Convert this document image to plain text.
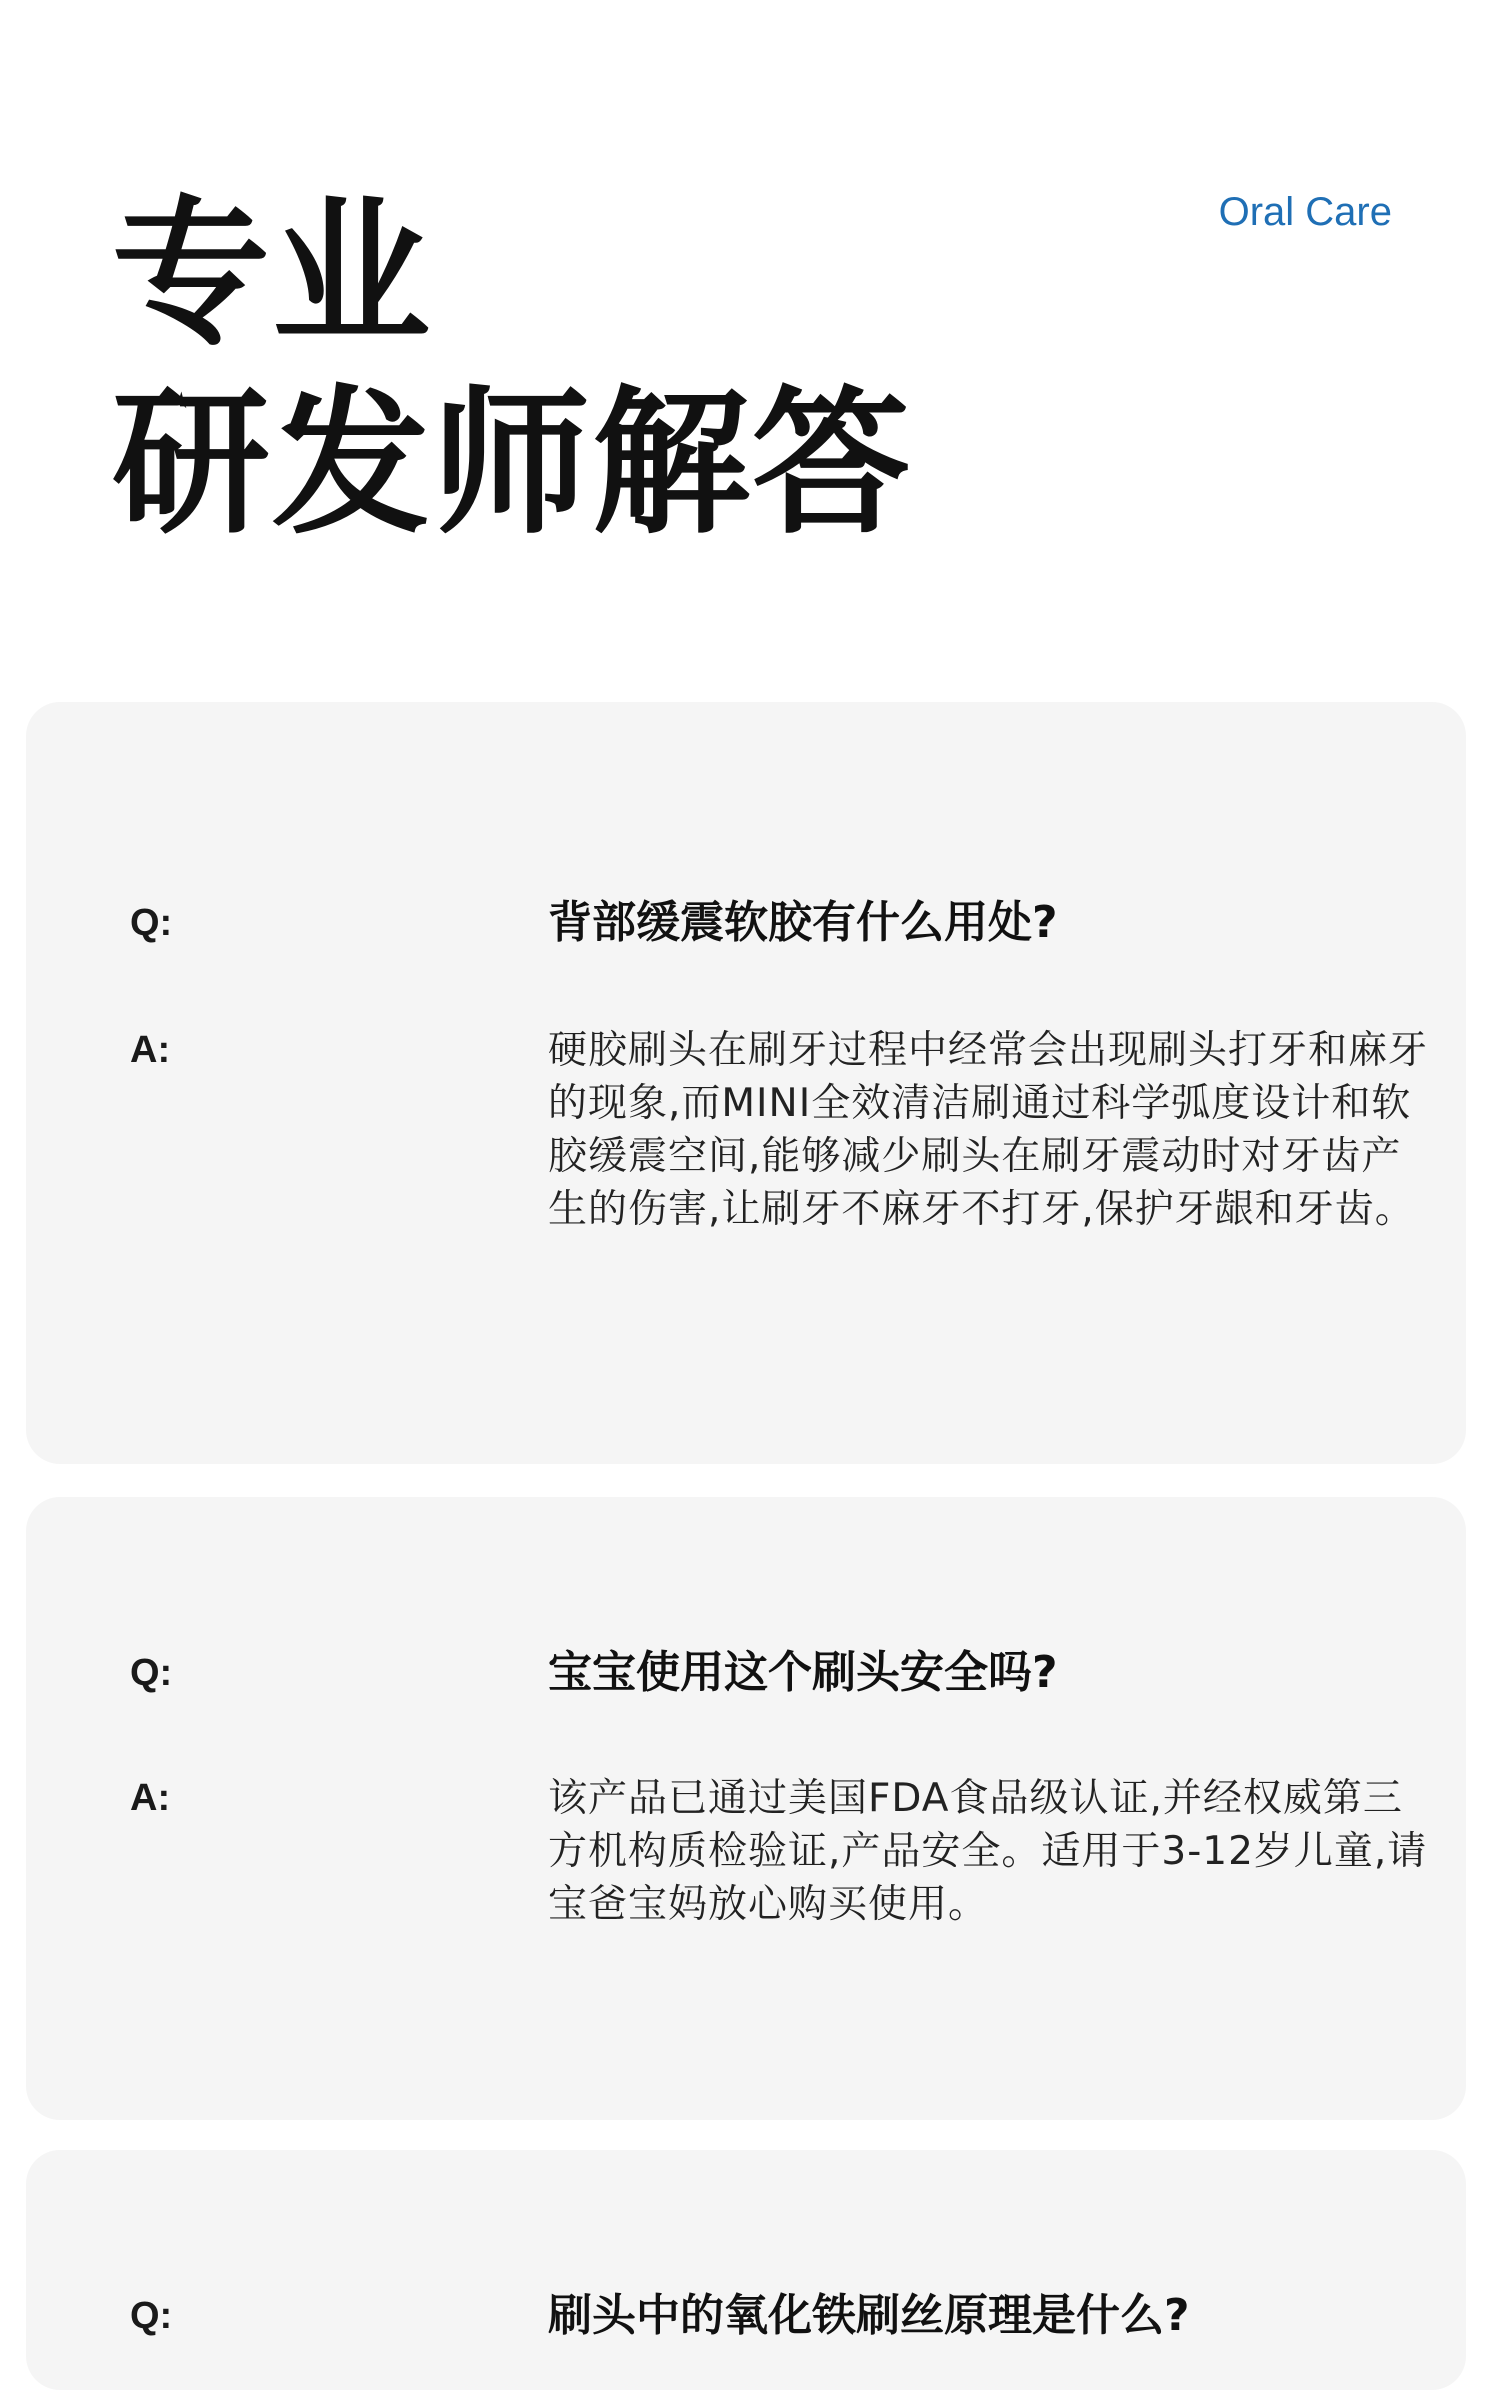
专业
研发师解答
Oral Care
Q:	背部缓震软胶有什么用处?

A:	硬胶刷头在刷牙过程中经常会出现刷头打牙和麻牙的现象,而MINI全效清洁刷通过科学弧度设计和软胶缓震空间,能够减少刷头在刷牙震动时对牙齿产生的伤害,让刷牙不麻牙不打牙,保护牙龈和牙齿。

Q:	宝宝使用这个刷头安全吗?

A:	该产品已通过美国FDA食品级认证,并经权威第三方机构质检验证,产品安全。适用于3-12岁儿童,请宝爸宝妈放心购买使用。

Q:	刷头中的氧化铁刷丝原理是什么?
